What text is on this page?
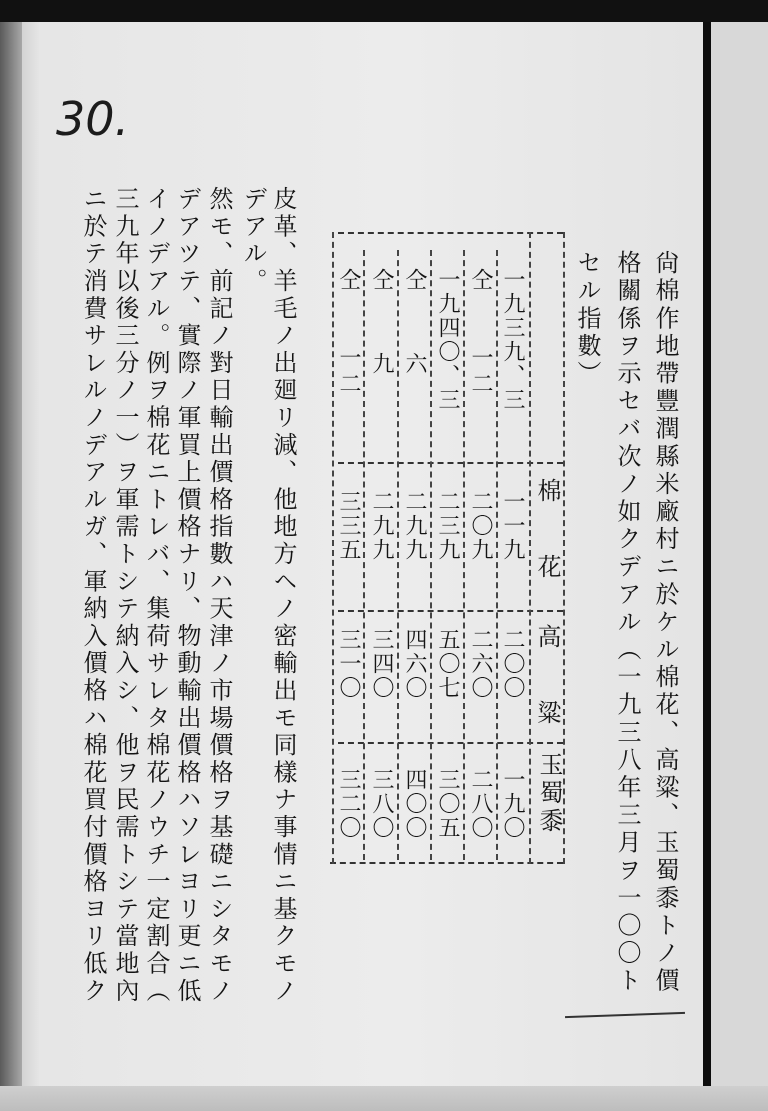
30.
尙棉作地帶豐潤縣米廠村ニ於ケル棉花、高粱、玉蜀黍トノ價
格關係ヲ示セバ次ノ如クデアル（一九三八年三月ヲ一〇〇ト
セル指數）
棉　花
高　粱
玉蜀黍
一九三九、三
一一九
二〇〇
一九〇
仝　　一二
二〇九
二六〇
二八〇
一九四〇、三
二三九
五〇七
三〇五
仝　　六
二九九
四六〇
四〇〇
仝　　九
二九九
三四〇
三八〇
仝　　一二
三三五
三一〇
三二〇
皮革、羊毛ノ出廻リ減、他地方ヘノ密輸出モ同樣ナ事情ニ基クモノ
デアル。
然モ、前記ノ對日輸出價格指數ハ天津ノ市場價格ヲ基礎ニシタモノ
デアツテ、實際ノ軍買上價格ナリ、物動輸出價格ハソレヨリ更ニ低
イノデアル。例ヲ棉花ニトレバ、集荷サレタ棉花ノウチ一定割合（
三九年以後三分ノ一）ヲ軍需トシテ納入シ、他ヲ民需トシテ當地內
ニ於テ消費サレルノデアルガ、軍納入價格ハ棉花買付價格ヨリ低ク
